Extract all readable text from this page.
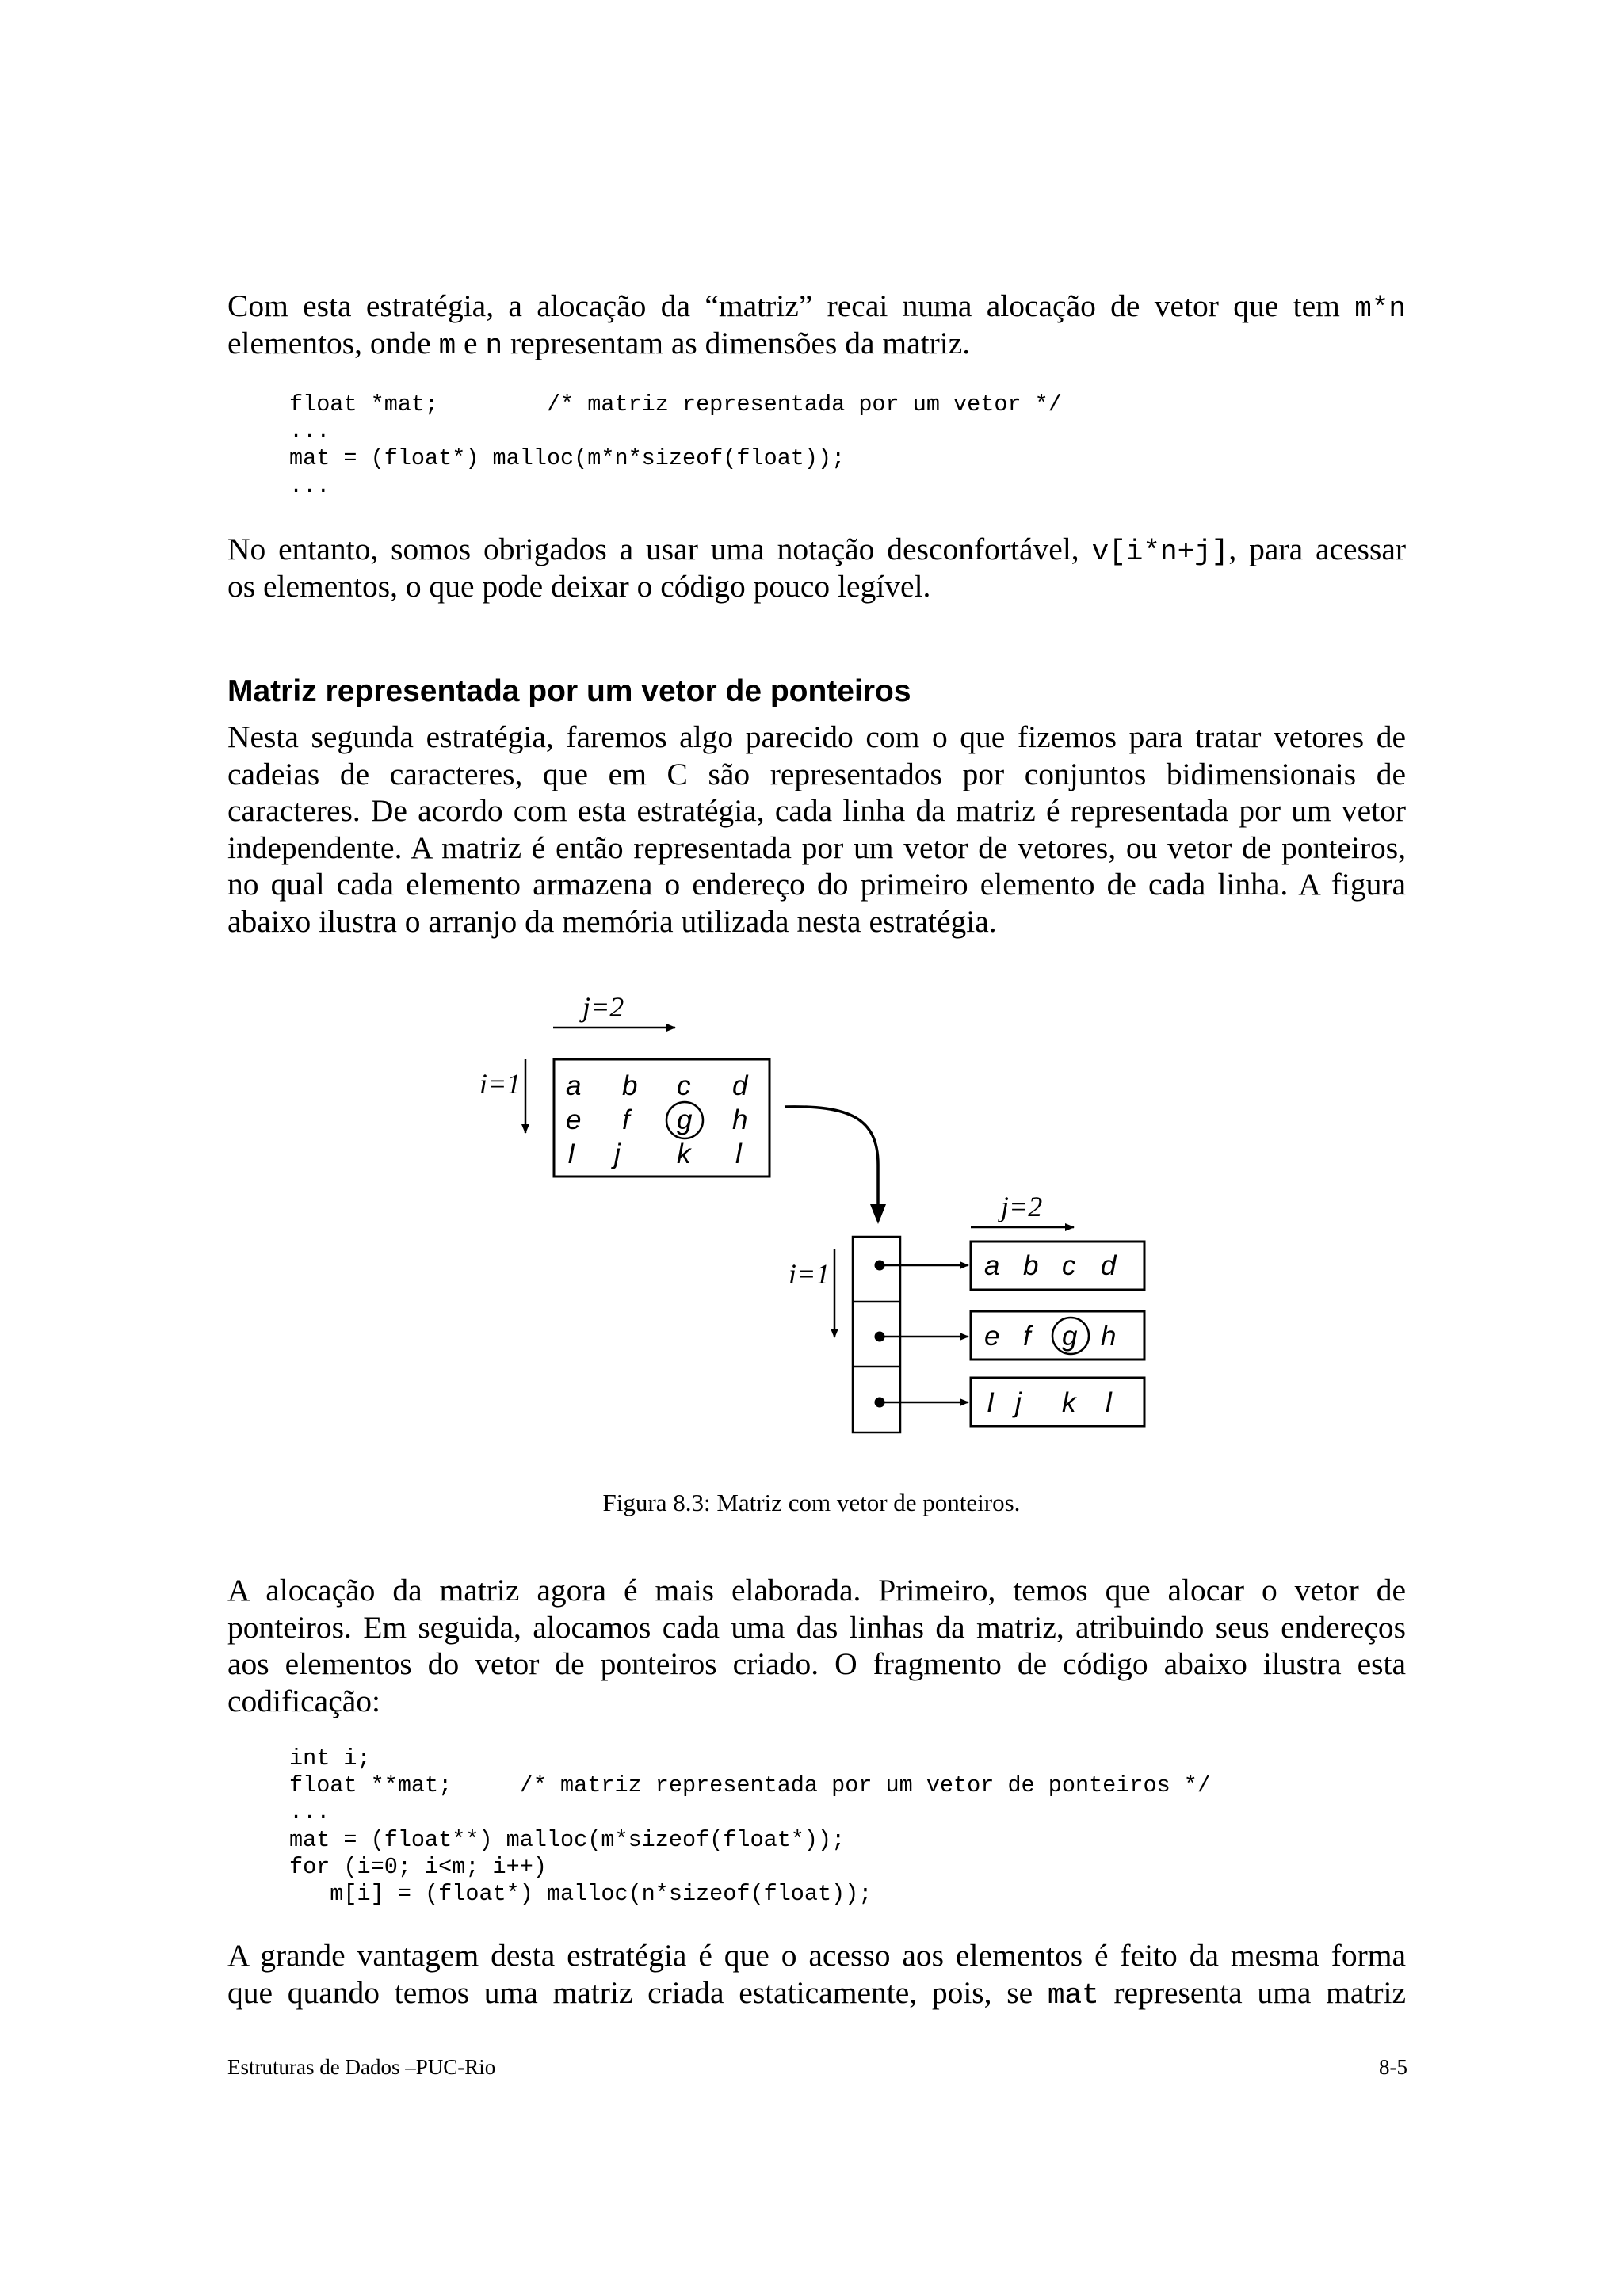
Com esta estratégia, a alocação da “matriz” recai numa alocação de vetor que tem m*n
elementos, onde m e n representam as dimensões da matriz.
float *mat;        /* matriz representada por um vetor */
...
mat = (float*) malloc(m*n*sizeof(float));
...
No entanto, somos obrigados a usar uma notação desconfortável, v[i*n+j], para acessar
os elementos, o que pode deixar o código pouco legível.
Matriz representada por um vetor de ponteiros
Nesta segunda estratégia, faremos algo parecido com o que fizemos para tratar vetores de
cadeias de caracteres, que em C são representados por conjuntos bidimensionais de
caracteres. De acordo com esta estratégia, cada linha da matriz é representada por um vetor
independente. A matriz é então representada por um vetor de vetores, ou vetor de ponteiros,
no qual cada elemento armazena o endereço do primeiro elemento de cada linha. A figura
abaixo ilustra o arranjo da memória utilizada nesta estratégia.
j=2
i=1 a b c d
e f g h
I j k l
j=2
i=1	a b c d
e f g h
I j k l

Figura 8.3: Matriz com vetor de ponteiros.

A alocação da matriz agora é mais elaborada. Primeiro, temos que alocar o vetor de
ponteiros. Em seguida, alocamos cada uma das linhas da matriz, atribuindo seus endereços
aos elementos do vetor de ponteiros criado. O fragmento de código abaixo ilustra esta
codificação:
int i;
float **mat;     /* matriz representada por um vetor de ponteiros */
...
mat = (float**) malloc(m*sizeof(float*));
for (i=0; i<m; i++)
m[i] = (float*) malloc(n*sizeof(float));
A grande vantagem desta estratégia é que o acesso aos elementos é feito da mesma forma
que quando temos uma matriz criada estaticamente, pois, se mat representa uma matriz

Estruturas de Dados –PUC-Rio	8-5
